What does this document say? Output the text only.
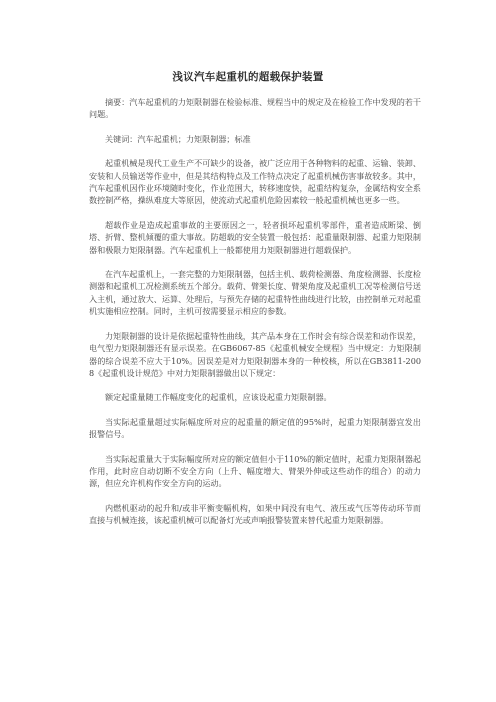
浅议汽车起重机的超载保护装置

摘要：汽车起重机的力矩限制器在检验标准、规程当中的规定及在检验工作中发现的若干问题。

关键词：汽车起重机；力矩限制器；标准

起重机械是现代工业生产不可缺少的设备，被广泛应用于各种物料的起重、运输、装卸、安装和人员输送等作业中，但是其结构特点及工作特点决定了起重机械伤害事故较多。其中，汽车起重机因作业环境随时变化，作业范围大，转移速度快，起重结构复杂，金属结构安全系数控制严格，操纵难度大等原因，使流动式起重机危险因素较一般起重机械也更多一些。

超载作业是造成起重事故的主要原因之一，轻者损坏起重机零部件，重者造成断梁、倒塔、折臂、整机倾覆的重大事故。防超载的安全装置一般包括：起重量限制器、起重力矩限制器和极限力矩限制器。汽车起重机上一般都使用力矩限制器进行超载保护。

在汽车起重机上，一套完整的力矩限制器，包括主机、载荷检测器、角度检测器、长度检测器和起重机工况检测系统五个部分。载荷、臂架长度、臂架角度及起重机工况等检测信号送入主机，通过放大、运算、处理后，与预先存储的起重特性曲线进行比较，由控制单元对起重机实施相应控制。同时，主机可按需要显示相应的参数。

力矩限制器的设计是依据起重特性曲线，其产品本身在工作时会有综合误差和动作误差，电气型力矩限制器还有显示误差。在GB6067-85《起重机械安全规程》当中规定：力矩限制器的综合误差不应大于10%。因误差是对力矩限制器本身的一种校核，所以在GB3811-2008《起重机设计规范》中对力矩限制器做出以下规定：

额定起重量随工作幅度变化的起重机，应该设起重力矩限制器。

当实际起重量超过实际幅度所对应的起重量的额定值的95%时，起重力矩限制器宜发出报警信号。

当实际起重量大于实际幅度所对应的额定值但小于110%的额定值时，起重力矩限制器起作用，此时应自动切断不安全方向（上升、幅度增大、臂架外伸或这些动作的组合）的动力源，但应允许机构作安全方向的运动。

内燃机驱动的起升和/或非平衡变幅机构，如果中间没有电气、液压或气压等传动环节而直接与机械连接，该起重机械可以配备灯光或声响报警装置来替代起重力矩限制器。
